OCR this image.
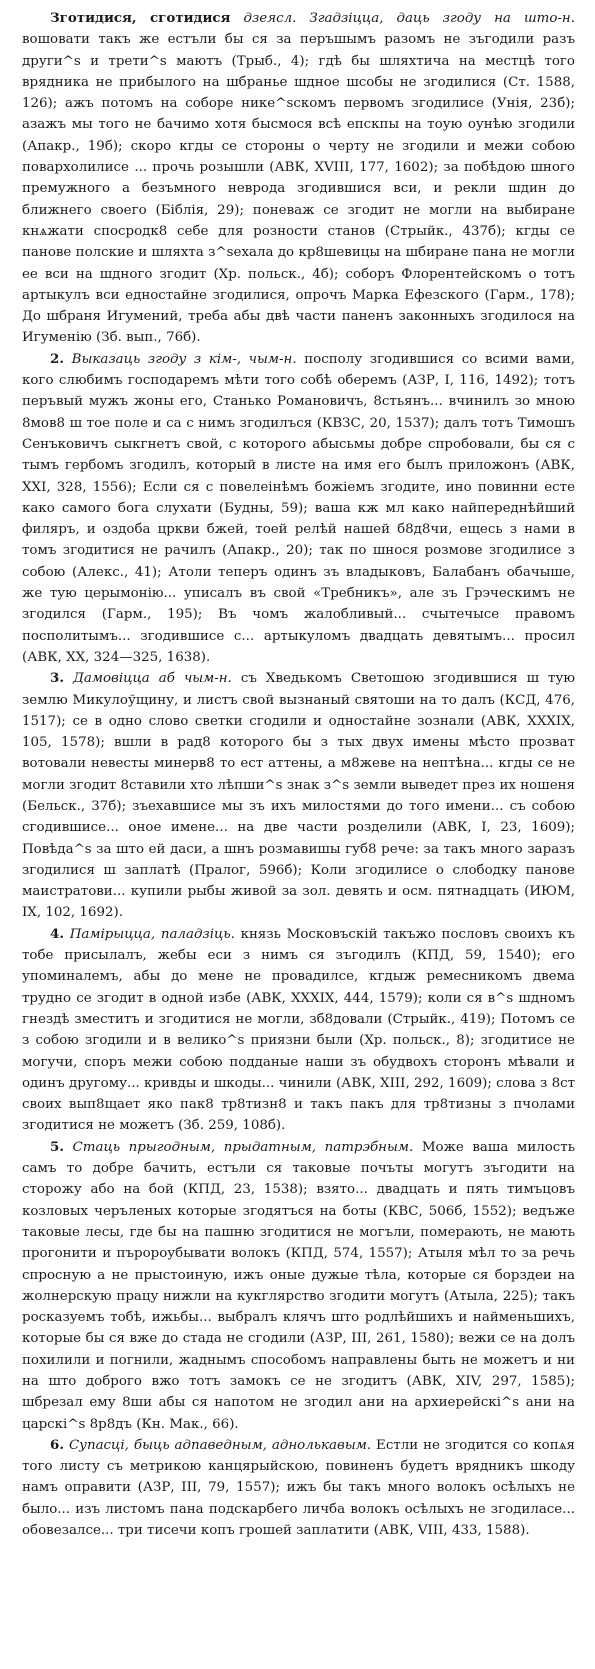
Зготидися, сготидися дзеясл. Згадзіцца, даць згоду на што-н. вошовати такъ же естъли бы ся за перъшымъ разомъ не зъгодили разъ други^s и трети^s маютъ (Трыб., 4); гдѣ бы шляхтича на местцѣ того врядника не прибылого на шбранье шдное шсобы не згодилися (Ст. 1588, 126); ажъ потомъ на соборе нике^sскомъ первомъ згодилисе (Унія, 23б); азажъ мы того не бачимо хотя бысмося всѣ епскпы на тоую оунѣю згодили (Апакр., 19б); скоро кгды се стороны о черту не згодили и межи собою повархолилисе ... прочь розышли (АВК, XVIII, 177, 1602); за побѣдою шного премужного а безъмного невродa згодившися вси, и рекли шдин до ближнего своего (Біблія, 29); поневаж се згодит не могли на выбиране кнѧжати спосродк8 себе для розности станов (Стрыйк., 437б); кгды се панове полские и шляхта з^sехала до кр8шевицы на шбиране пана не могли ее вси на шдного згодит (Хр. польск., 4б); соборъ Флорентейскомъ о тотъ артыкулъ вси едностайне згодилися, опрочъ Марка Ефезского (Гарм., 178); До шбраня Игумений, треба абы двѣ части паненъ законныхъ згодилося на Игуменію (Зб. вып., 76б).

2. Выказаць згоду з кім-, чым-н. посполу згодившися со всими вами, кого слюбимъ господаремъ мѣти того собѣ оберемъ (АЗР, I, 116, 1492); тотъ перъвый мужъ жоны его, Станько Романовичъ, 8стьянъ... вчинилъ зо мною 8мов8 ш тое поле и са с нимъ згодилъся (КВЗС, 20, 1537); далъ тотъ Тимошъ Сенъковичъ сыкгнетъ свой, с которого абысьмы добре спробовали, бы ся с тымъ гербомъ згодилъ, который в листе на имя его былъ приложонъ (АВК, XXI, 328, 1556); Если ся с повелеінѣмъ божіемъ згодите, ино повинни есте како самого бога слухати (Будны, 59); ваша кж мл како найпереднѣйший филяръ, и оздоба цркви бжей, тоей релѣй нашей б8д8чи, ещесь з нами в томъ згодитися не рачилъ (Апакр., 20); так по шнося розмове згодилисе з собою (Алекс., 41); Атоли теперъ одинъ зъ владыковъ, Балабанъ обачыше, же тую церымонію... уписалъ въ свой «Требникъ», але зъ Грэческимъ не згодился (Гарм., 195); Въ чомъ жалобливый... счытечысе правомъ посполитымъ... згодившисе с... артыкуломъ двадцать девятымъ... просил (АВК, XX, 324—325, 1638).

3. Дамовіцца аб чым-н. съ Хведькомъ Светошою згодившися ш тую землю Микулоўщину, и листъ свой вызнаный святоши на то далъ (КСД, 476, 1517); се в одно слово светки сгодили и одностайне зознали (АВК, XXXIX, 105, 1578); вшли в рад8 которого бы з тых двух имены мѣсто прозват вотовали невесты минерв8 то ест аттены, а м8жеве на нептѣна... кгды се не могли згодит 8ставили хто лѣпши^s знак з^s земли выведет през их ношеня (Бельск., 37б); зъехавшисе мы зъ ихъ милостями до того имени... съ собою сгодившисе... оное имене... на две части розделили (АВК, I, 23, 1609); Повѣда^s за што ей даси, а шнъ розмавишы губ8 рече: за такъ много заразъ згодилися ш заплатѣ (Пралог, 596б); Коли згодилисе о слободку панове маистратови... купили рыбы живой за зол. девять и осм. пятнадцать (ИЮМ, IX, 102, 1692).

4. Памірыцца, паладзіць. князь Московъскій такъжо пословъ своихъ къ тобе присылалъ, жебы еси з нимъ ся зъгодилъ (КПД, 59, 1540); его упоминалемъ, абы до мене не провадилсе, кгдыж ремесникомъ двема трудно се згодит в одной избе (АВК, XXXIX, 444, 1579); коли ся в^s шдномъ гнездѣ зместитъ и згодитися не могли, зб8довали (Стрыйк., 419); Потомъ се з собою згодили и в велико^s приязни были (Хр. польск., 8); згодитисе не могучи, споръ межи собою подданые наши зъ обудвоxъ сторонъ мѣвали и одинъ другому... кривды и шкоды... чинили (АВК, XIII, 292, 1609); слова з 8ст своих вып8щает яко пак8 тр8тизн8 и такъ пакъ для тр8тизны з пчолами згодитися не можетъ (Зб. 259, 108б).

5. Стаць прыгодным, прыдатным, патрэбным. Може ваша милость самъ то добре бачить, естъли ся таковые почъты могутъ зъгодити на сторожу або на бой (КПД, 23, 1538); взято... двадцать и пять тимъцовъ козловых черъленых которые згодятъся на боты (КВС, 506б, 1552); ведъже таковые лесы, где бы на пашню згодитися не могъли, померають, не мають прогонити и пъророубывати волокъ (КПД, 574, 1557); Атыля мѣл то за речь спросную а не прыстоиную, ижъ оные дужые тѣла, которые ся борздеи на жолнерскую працу нижли на кукглярство згодити могутъ (Атыла, 225); такъ росказуемъ тобѣ, ижьбы... выбралъ клячъ што родлѣйшихъ и найменьшихъ, которые бы ся вже до стада не сгодили (АЗР, III, 261, 1580); вежи се на долъ похилили и погнили, жаднымъ способомъ направлены быть не можетъ и ни на што доброго вжо тотъ замокъ се не згодитъ (АВК, XIV, 297, 1585); шбрезал ему 8ши абы ся напотом не згодил ани на архиерейскі^s ани на царскі^s 8р8дъ (Кн. Мак., 66).

6. Супасці, быць адпаведным, аднолькавым. Естли не згодится со копѧя того листу съ метрикою канцярыйскою, повиненъ будетъ врядникъ шкоду намъ оправити (АЗР, III, 79, 1557); ижъ бы такъ много волокъ осѣлыхъ не было... изъ листомъ пана подскарбего личба волокъ осѣлыхъ не згодиласе... обовезалсе... три тисечи копъ грошей заплатити (АВК, VIII, 433, 1588).
